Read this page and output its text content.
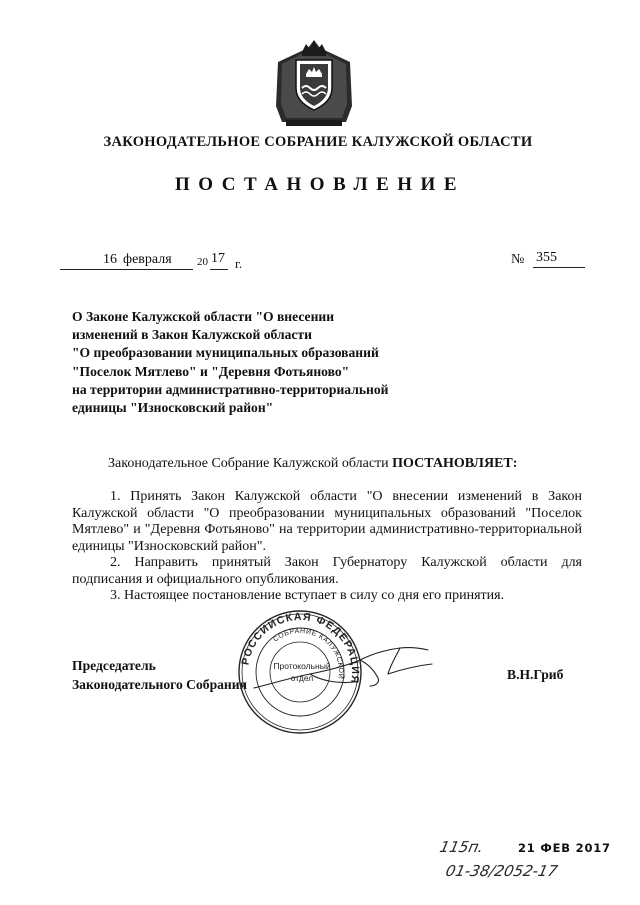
ЗАКОНОДАТЕЛЬНОЕ СОБРАНИЕ КАЛУЖСКОЙ ОБЛАСТИ
ПОСТАНОВЛЕНИЕ
16 февраля 20 17 г.	№ 355
О Законе Калужской области "О внесении
изменений в Закон Калужской области
"О преобразовании муниципальных образований
"Поселок Мятлево" и "Деревня Фотьяново"
на территории административно-территориальной
единицы "Износковский район"
Законодательное Собрание Калужской области ПОСТАНОВЛЯЕТ:

1. Принять Закон Калужской области "О внесении изменений в Закон Калужской области "О преобразовании муниципальных образований "Поселок Мятлево" и "Деревня Фотьяново" на территории административно-территориальной единицы "Износковский район".

2. Направить принятый Закон Губернатору Калужской области для подписания и официального опубликования.

3. Настоящее постановление вступает в силу со дня его принятия.

Председатель
Законодательного Собрания
В.Н.Гриб
РОССИЙСКАЯ ФЕДЕРАЦИЯ
СОБРАНИЕ КАЛУЖСКОЙ
Протокольный
отдел
115п.	21 ФЕВ 2017
01-38/2052-17
